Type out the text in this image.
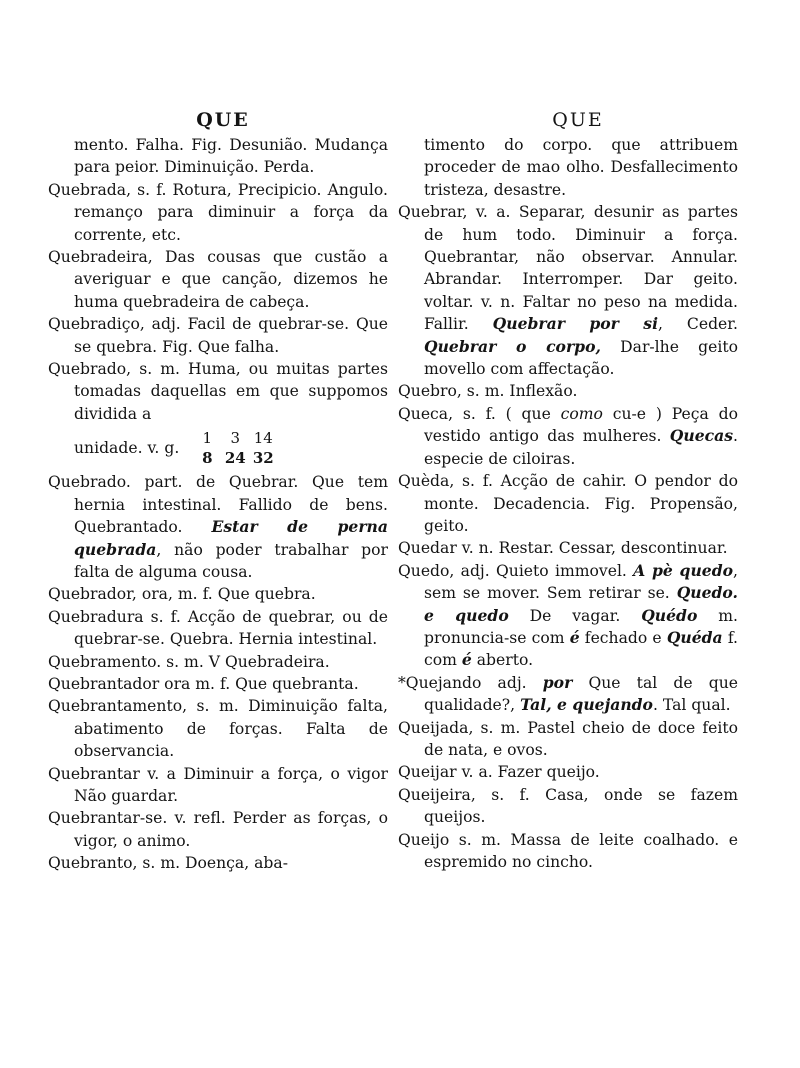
QUE
mento. Falha. Fig. Desunião. Mudança para peior. Diminuição. Perda.
Quebrada, s. f. Rotura, Precipicio. Angulo. remanço para diminuir a força da corrente, etc.
Quebradeira, Das cousas que custão a averiguar e que canção, dizemos he huma quebradeira de cabeça.
Quebradiço, adj. Facil de quebrar-se. Que se quebra. Fig. Que falha.
Quebrado, s. m. Huma, ou muitas partes tomadas daquellas em que suppomos dividida a
unidade. v. g.
1	3 14
8 24 32
Quebrado. part. de Quebrar. Que tem hernia intestinal. Fallido de bens. Quebrantado. Estar de perna quebrada, não poder trabalhar por falta de alguma cousa.
Quebrador, ora, m. f. Que quebra.
Quebradura s. f. Acção de quebrar, ou de quebrar-se. Quebra. Hernia intestinal.
Quebramento. s. m. V Quebradeira.
Quebrantador ora m. f. Que quebranta.
Quebrantamento, s. m. Diminuição falta, abatimento de forças. Falta de observancia.
Quebrantar v. a Diminuir a força, o vigor Não guardar.
Quebrantar-se. v. refl. Perder as forças, o vigor, o animo.
Quebranto, s. m. Doença, aba-
QUE
timento do corpo. que attribuem proceder de mao olho. Desfallecimento tristeza, desastre.
Quebrar, v. a. Separar, desunir as partes de hum todo. Diminuir a força. Quebrantar, não observar. Annular. Abrandar. Interromper. Dar geito. voltar. v. n. Faltar no peso na medida. Fallir. Quebrar por si, Ceder. Quebrar o corpo, Dar-lhe geito movello com affectação.
Quebro, s. m. Inflexão.
Queca, s. f. ( que como cu-e ) Peça do vestido antigo das mulheres. Quecas. especie de ciloiras.
Quèda, s. f. Acção de cahir. O pendor do monte. Decadencia. Fig. Propensão, geito.
Quedar v. n. Restar. Cessar, descontinuar.
Quedo, adj. Quieto immovel. A pè quedo, sem se mover. Sem retirar se. Quedo. e quedo De vagar. Quédo m. pronuncia-se com é fechado e Quéda f. com é aberto.
*Quejando adj. por Que tal de que qualidade?, Tal, e quejando. Tal qual.
Queijada, s. m. Pastel cheio de doce feito de nata, e ovos.
Queijar v. a. Fazer queijo.
Queijeira, s. f. Casa, onde se fazem queijos.
Queijo s. m. Massa de leite coalhado. e espremido no cincho.
